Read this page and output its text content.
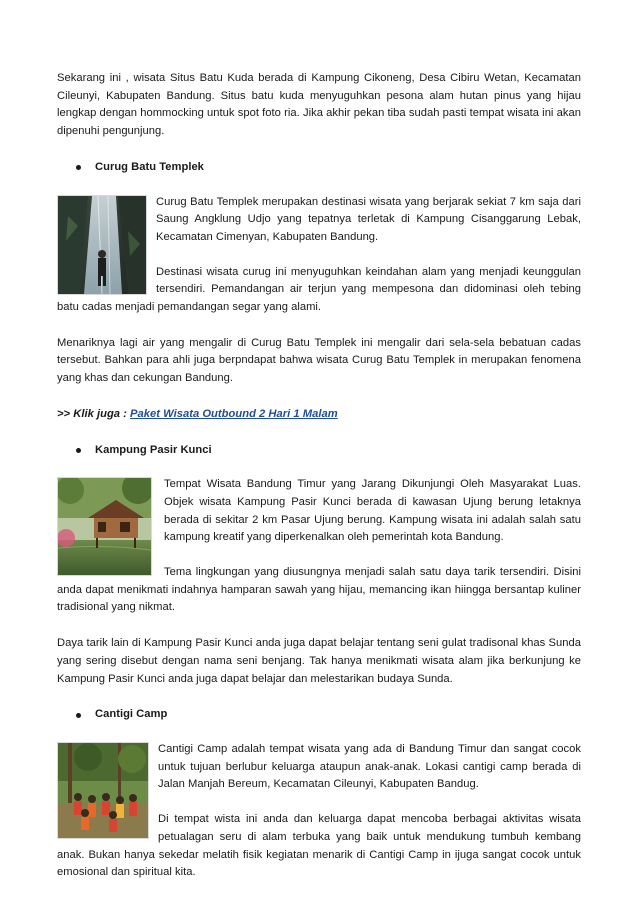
Sekarang ini , wisata Situs Batu Kuda berada di Kampung Cikoneng, Desa Cibiru Wetan, Kecamatan Cileunyi, Kabupaten Bandung. Situs batu kuda menyuguhkan pesona alam hutan pinus yang hijau lengkap dengan hommocking untuk spot foto ria. Jika akhir pekan tiba sudah pasti tempat wisata ini akan dipenuhi pengunjung.

Curug Batu Templek

Curug Batu Templek merupakan destinasi wisata yang berjarak sekiat 7 km saja dari Saung Angklung Udjo yang tepatnya terletak di Kampung Cisanggarung Lebak, Kecamatan Cimenyan, Kabupaten Bandung.

Destinasi wisata curug ini menyuguhkan keindahan alam yang menjadi keunggulan tersendiri. Pemandangan air terjun yang mempesona dan didominasi oleh tebing batu cadas menjadi pemandangan segar yang alami.

Menariknya lagi air yang mengalir di Curug Batu Templek ini mengalir dari sela-sela bebatuan cadas tersebut. Bahkan para ahli juga berpndapat bahwa wisata Curug Batu Templek in merupakan fenomena yang khas dan cekungan Bandung.

>> Klik juga : Paket Wisata Outbound 2 Hari 1 Malam

Kampung Pasir Kunci

Tempat Wisata Bandung Timur yang Jarang Dikunjungi Oleh Masyarakat Luas. Objek wisata Kampung Pasir Kunci berada di kawasan Ujung berung letaknya berada di sekitar 2 km Pasar Ujung berung. Kampung wisata ini adalah salah satu kampung kreatif yang diperkenalkan oleh pemerintah kota Bandung.

Tema lingkungan yang diusungnya menjadi salah satu daya tarik tersendiri. Disini anda dapat menikmati indahnya hamparan sawah yang hijau, memancing ikan hiingga bersantap kuliner tradisional yang nikmat.

Daya tarik lain di Kampung Pasir Kunci anda juga dapat belajar tentang seni gulat tradisonal khas Sunda yang sering disebut dengan nama seni benjang. Tak hanya menikmati wisata alam jika berkunjung ke Kampung Pasir Kunci anda juga dapat belajar dan melestarikan budaya Sunda.

Cantigi Camp

Cantigi Camp adalah tempat wisata yang ada di Bandung Timur dan sangat cocok untuk tujuan berlubur keluarga ataupun anak-anak. Lokasi cantigi camp berada di Jalan Manjah Bereum, Kecamatan Cileunyi, Kabupaten Bandug.

Di tempat wista ini anda dan keluarga dapat mencoba berbagai aktivitas wisata petualagan seru di alam terbuka yang baik untuk mendukung tumbuh kembang anak. Bukan hanya sekedar melatih fisik kegiatan menarik di Cantigi Camp in ijuga sangat cocok untuk emosional dan spiritual kita.
